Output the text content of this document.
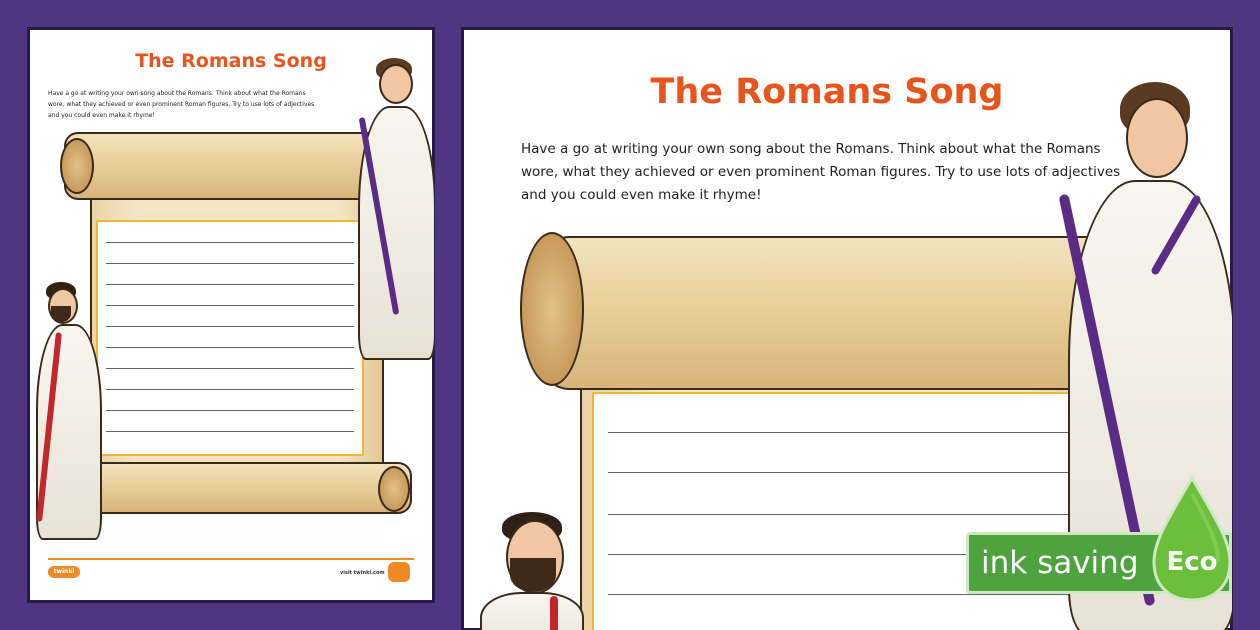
The Romans Song
Have a go at writing your own song about the Romans. Think about what the Romans
wore, what they achieved or even prominent Roman figures. Try to use lots of adjectives
and you could even make it rhyme!
twinkl	visit twinkl.com
The Romans Song
Have a go at writing your own song about the Romans. Think about what the Romans
wore, what they achieved or even prominent Roman figures. Try to use lots of adjectives
and you could even make it rhyme!
ink saving Eco
